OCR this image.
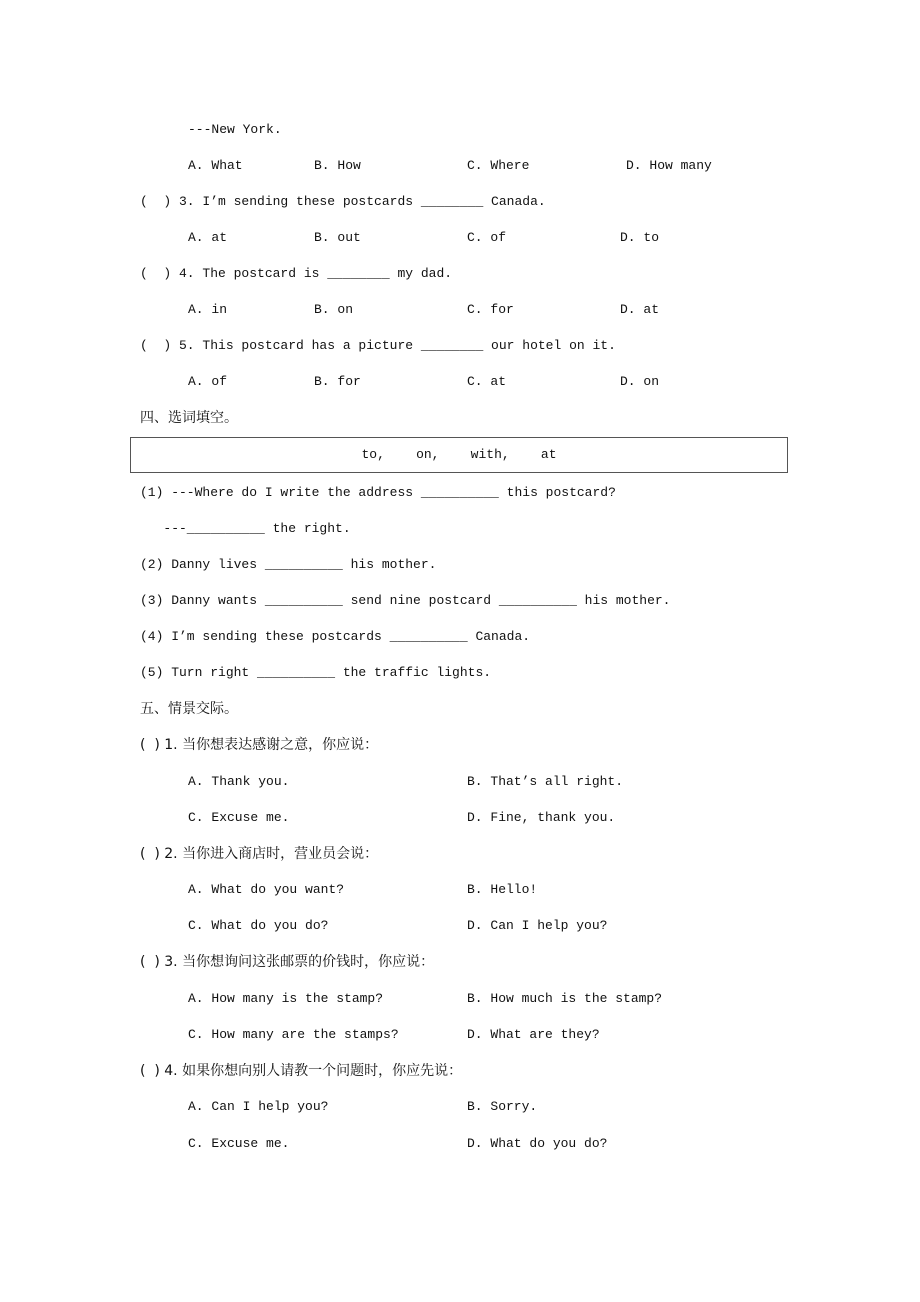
---New York.
A. What	B. How	C. Where	D. How many
(  ) 3. I’m sending these postcards ________ Canada.
A. at	B. out	C. of	D. to
(  ) 4. The postcard is ________ my dad.
A. in	B. on	C. for	D. at
(  ) 5. This postcard has a picture ________ our hotel on it.
A. of	B. for	C. at	D. on
四、选词填空。
to,    on,    with,    at
(1) ---Where do I write the address __________ this postcard?
---__________ the right.
(2) Danny lives __________ his mother.
(3) Danny wants __________ send nine postcard __________ his mother.
(4) I’m sending these postcards __________ Canada.
(5) Turn right __________ the traffic lights.
五、情景交际。
(  ) 1. 当你想表达感谢之意，你应说：
A. Thank you.	B. That’s all right.
C. Excuse me.	D. Fine, thank you.
(  ) 2. 当你进入商店时，营业员会说：
A. What do you want?	B. Hello!
C. What do you do?	D. Can I help you?
(  ) 3. 当你想询问这张邮票的价钱时，你应说：
A. How many is the stamp?	B. How much is the stamp?
C. How many are the stamps?	D. What are they?
(  ) 4. 如果你想向别人请教一个问题时，你应先说：
A. Can I help you?	B. Sorry.
C. Excuse me.	D. What do you do?
